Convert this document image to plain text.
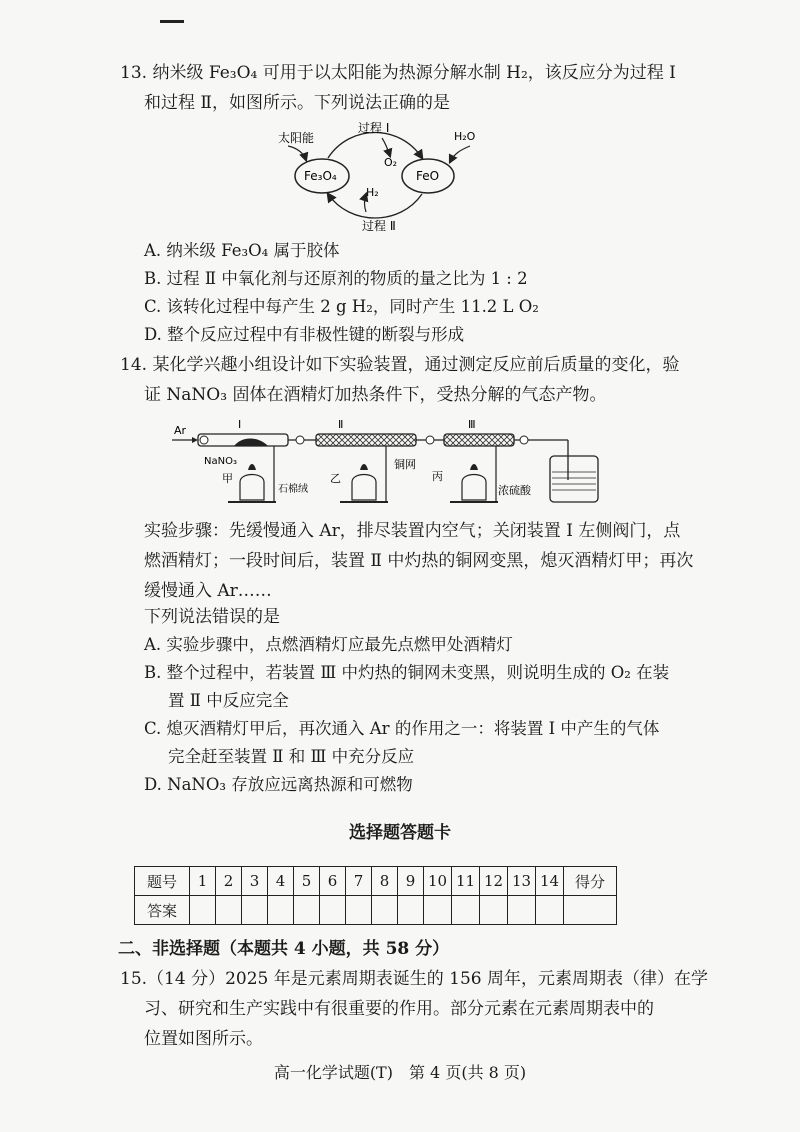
13. 纳米级 Fe₃O₄ 可用于以太阳能为热源分解水制 H₂，该反应分为过程 Ⅰ
和过程 Ⅱ，如图所示。下列说法正确的是
太阳能
过程 Ⅰ
O₂
H₂O
Fe₃O₄	FeO
H₂
过程 Ⅱ
A. 纳米级 Fe₃O₄ 属于胶体
B. 过程 Ⅱ 中氧化剂与还原剂的物质的量之比为 1 : 2
C. 该转化过程中每产生 2 g H₂，同时产生 11.2 L O₂
D. 整个反应过程中有非极性键的断裂与形成
14. 某化学兴趣小组设计如下实验装置，通过测定反应前后质量的变化，验
证 NaNO₃ 固体在酒精灯加热条件下，受热分解的气态产物。
Ar	Ⅰ
NaNO₃
Ⅱ	Ⅲ
浓硫酸
甲
石棉绒
乙
铜网
丙
实验步骤：先缓慢通入 Ar，排尽装置内空气；关闭装置 Ⅰ 左侧阀门，点
燃酒精灯；一段时间后，装置 Ⅱ 中灼热的铜网变黑，熄灭酒精灯甲；再次
缓慢通入 Ar……
下列说法错误的是
A. 实验步骤中，点燃酒精灯应最先点燃甲处酒精灯
B. 整个过程中，若装置 Ⅲ 中灼热的铜网未变黑，则说明生成的 O₂ 在装
置 Ⅱ 中反应完全
C. 熄灭酒精灯甲后，再次通入 Ar 的作用之一：将装置 Ⅰ 中产生的气体
完全赶至装置 Ⅱ 和 Ⅲ 中充分反应
D. NaNO₃ 存放应远离热源和可燃物
选择题答题卡
题号	1	2	3	4	5	6	7	8	9	10	11	12	13	14	得分
答案															
二、非选择题（本题共 4 小题，共 58 分）
15.（14 分）2025 年是元素周期表诞生的 156 周年，元素周期表（律）在学
习、研究和生产实践中有很重要的作用。部分元素在元素周期表中的
位置如图所示。
高一化学试题(T)　第 4 页(共 8 页)
